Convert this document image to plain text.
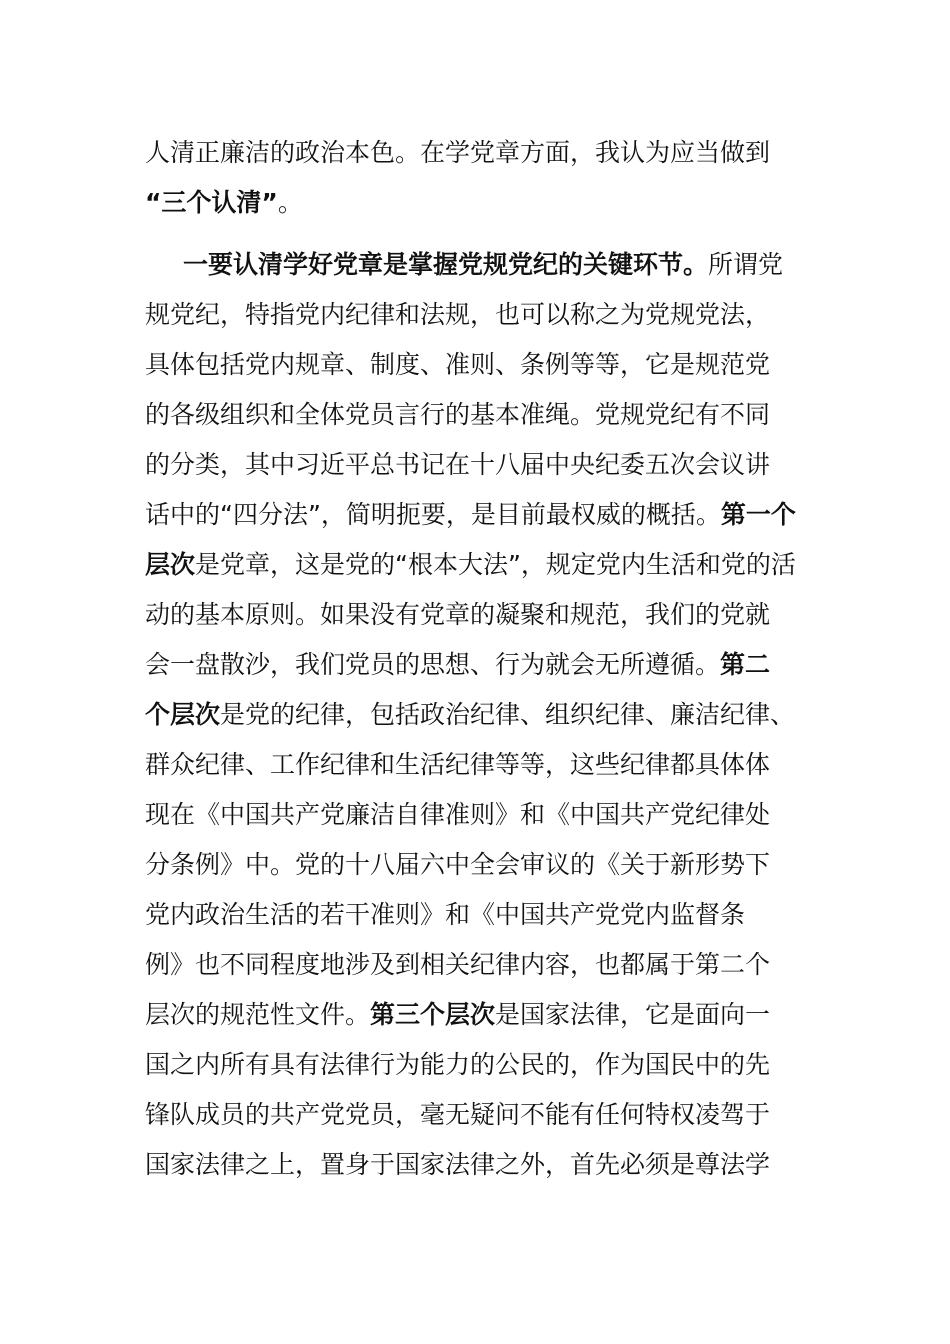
人清正廉洁的政治本色。在学党章方面，我认为应当做到
“三个认清”。
一要认清学好党章是掌握党规党纪的关键环节。所谓党
规党纪，特指党内纪律和法规，也可以称之为党规党法，
具体包括党内规章、制度、准则、条例等等，它是规范党
的各级组织和全体党员言行的基本准绳。党规党纪有不同
的分类，其中习近平总书记在十八届中央纪委五次会议讲
话中的“四分法”，简明扼要，是目前最权威的概括。第一个
层次是党章，这是党的“根本大法”，规定党内生活和党的活
动的基本原则。如果没有党章的凝聚和规范，我们的党就
会一盘散沙，我们党员的思想、行为就会无所遵循。第二
个层次是党的纪律，包括政治纪律、组织纪律、廉洁纪律、
群众纪律、工作纪律和生活纪律等等，这些纪律都具体体
现在《中国共产党廉洁自律准则》和《中国共产党纪律处
分条例》中。党的十八届六中全会审议的《关于新形势下
党内政治生活的若干准则》和《中国共产党党内监督条
例》也不同程度地涉及到相关纪律内容，也都属于第二个
层次的规范性文件。第三个层次是国家法律，它是面向一
国之内所有具有法律行为能力的公民的，作为国民中的先
锋队成员的共产党党员，毫无疑问不能有任何特权凌驾于
国家法律之上，置身于国家法律之外，首先必须是尊法学
